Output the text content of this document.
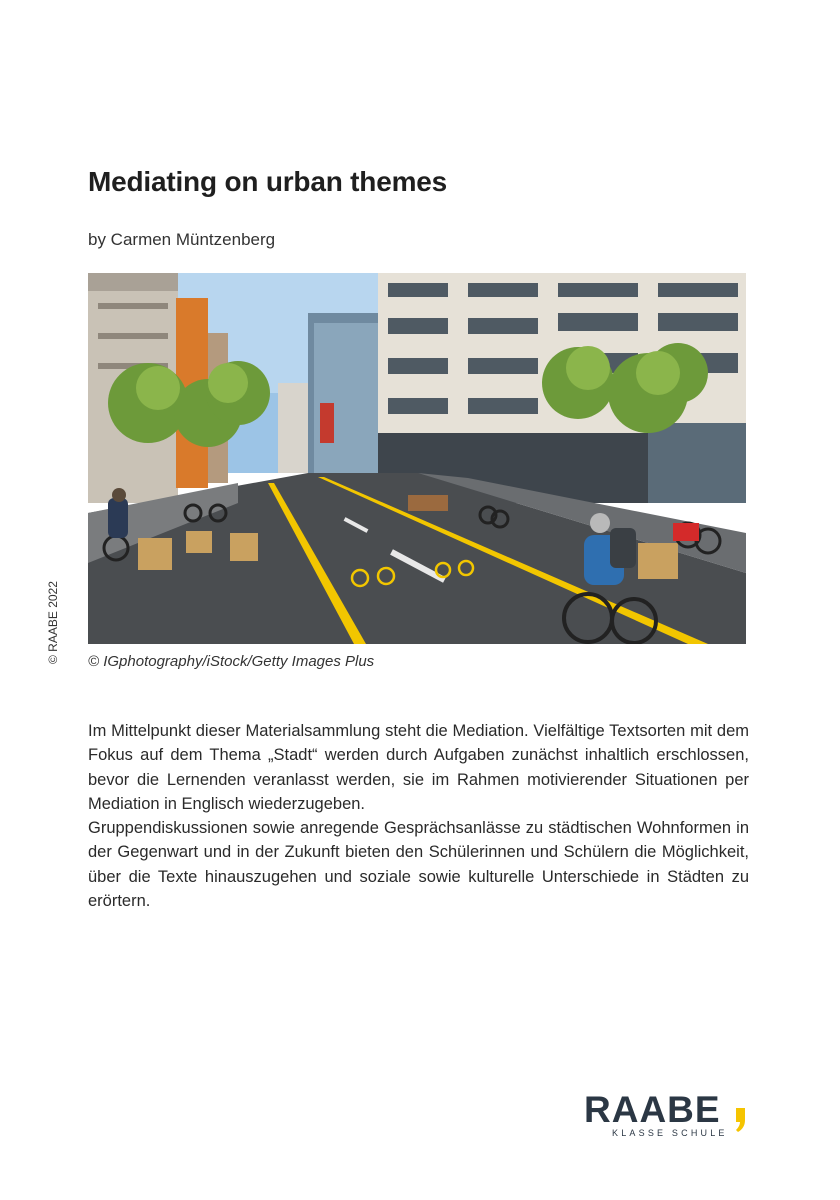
Mediating on urban themes
by Carmen Müntzenberg
© IGphotography/iStock/Getty Images Plus
© RAABE 2022

Im Mittelpunkt dieser Materialsammlung steht die Mediation. Vielfältige Textsorten mit dem Fokus auf dem Thema „Stadt“ werden durch Aufgaben zunächst inhaltlich erschlossen, bevor die Lernenden veranlasst werden, sie im Rahmen motivierender Situationen per Mediation in Englisch wiederzugeben.

Gruppendiskussionen sowie anregende Gesprächsanlässe zu städtischen Wohnformen in der Gegenwart und in der Zukunft bieten den Schülerinnen und Schülern die Möglichkeit, über die Texte hinauszugehen und soziale sowie kulturelle Unterschiede in Städten zu erörtern.

RAABE
KLASSE SCHULE
